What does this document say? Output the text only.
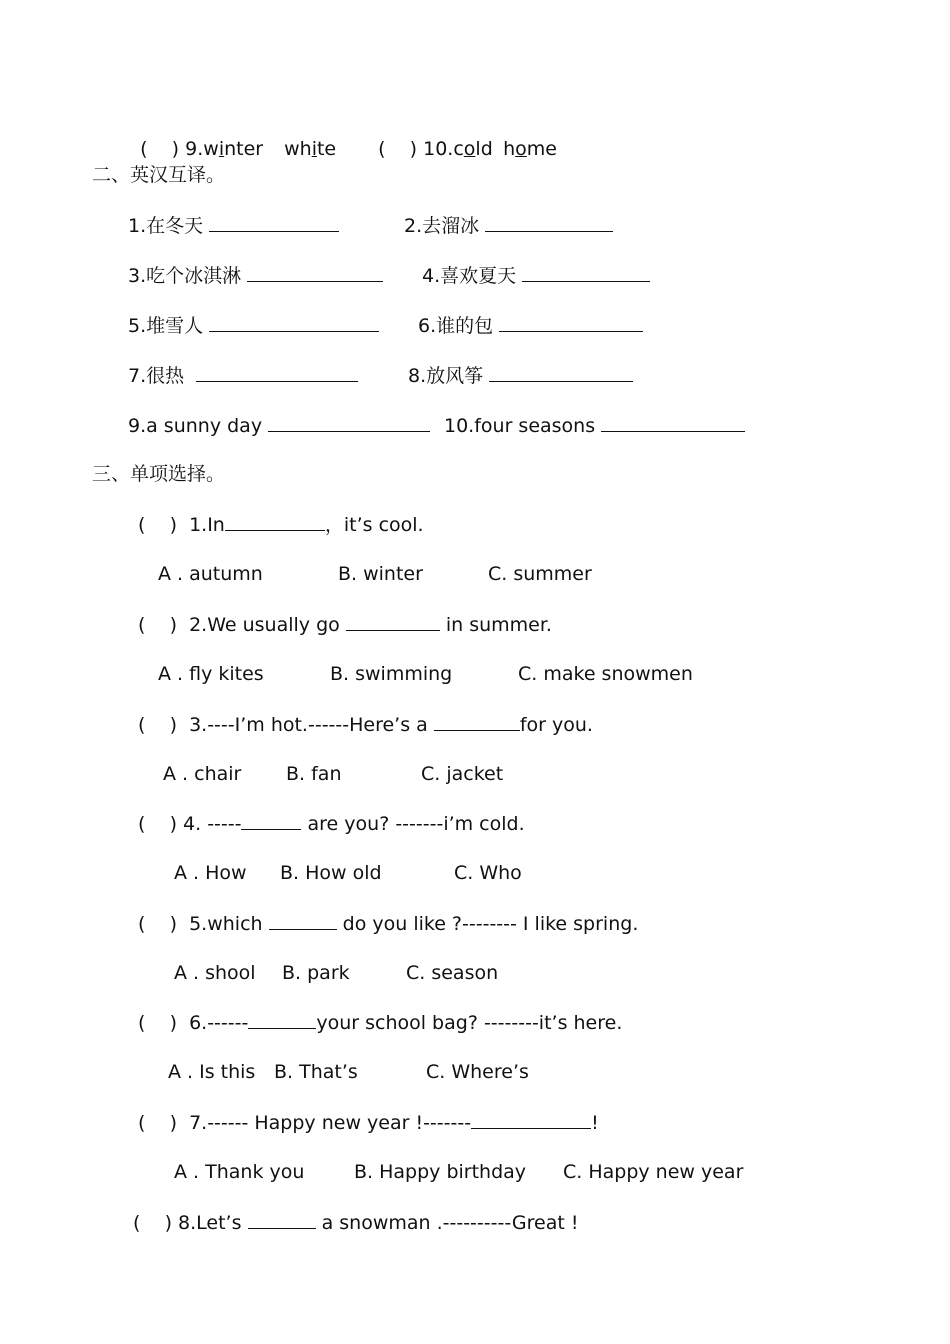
(    ) 9.winter	white	(    ) 10.cold home

二、英汉互译。
1.在冬天	2.去溜冰
3.吃个冰淇淋	4.喜欢夏天
5.堆雪人	6.谁的包
7.很热	8.放风筝
9.a sunny day	10.four seasons
三、单项选择。
(    ) 1.In	，it’s cool.
A . autumn	B. winter	C. summer
(    ) 2.We usually go	in summer.
A . fly kites	B. swimming	C. make snowmen
(    ) 3.----I’m hot.------Here’s a	for you.
A . chair B. fan	C. jacket
(    ) 4. -----	are you? -------i’m cold.
A . How B. How old	C. Who
(    ) 5.which	do you like ?-------- I like spring.
A . shool B. park	C. season
(    ) 6.------	your school bag? --------it’s here.
A . Is this B. That’s	C. Where’s
(    ) 7.------ Happy new year !-------	!
A . Thank you	B. Happy birthday C. Happy new year
(    ) 8.Let’s	a snowman .----------Great !
